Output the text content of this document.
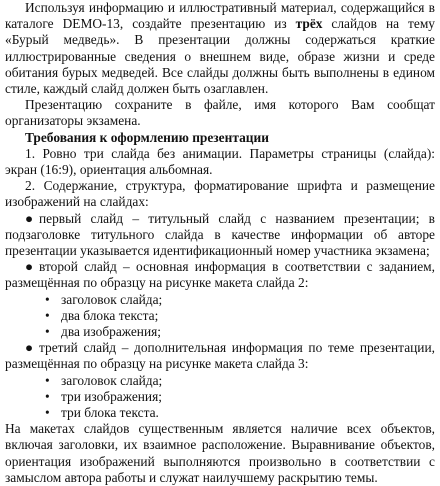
Используя информацию и иллюстративный материал, содержащийся в каталоге DEMO-13, создайте презентацию из трёх слайдов на тему «Бурый медведь». В презентации должны содержаться краткие иллюстрированные сведения о внешнем виде, образе жизни и среде обитания бурых медведей. Все слайды должны быть выполнены в едином стиле, каждый слайд должен быть озаглавлен.

Презентацию сохраните в файле, имя которого Вам сообщат организаторы экзамена.

Требования к оформлению презентации

1. Ровно три слайда без анимации. Параметры страницы (слайда): экран (16:9), ориентация альбомная.

2. Содержание, структура, форматирование шрифта и размещение изображений на слайдах:

● первый слайд – титульный слайд с названием презентации; в подзаголовке титульного слайда в качестве информации об авторе презентации указывается идентификационный номер участника экзамена;

● второй слайд – основная информация в соответствии с заданием, размещённая по образцу на рисунке макета слайда 2:

• заголовок слайда;
• два блока текста;
• два изображения;

● третий слайд – дополнительная информация по теме презентации, размещённая по образцу на рисунке макета слайда 3:

• заголовок слайда;
• три изображения;
• три блока текста.

На макетах слайдов существенным является наличие всех объектов, включая заголовки, их взаимное расположение. Выравнивание объектов, ориентация изображений выполняются произвольно в соответствии с замыслом автора работы и служат наилучшему раскрытию темы.
